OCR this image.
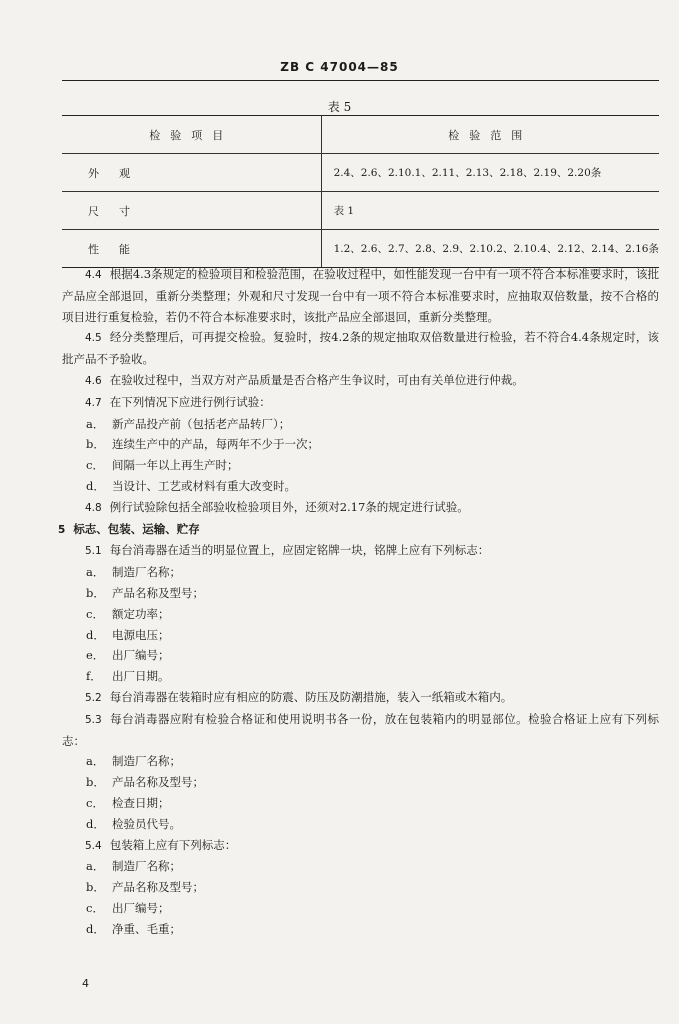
ZB C 47004—85
表 5
检验项目	检验范围
外观	2.4、2.6、2.10.1、2.11、2.13、2.18、2.19、2.20条
尺寸	表 1
性能	1.2、2.6、2.7、2.8、2.9、2.10.2、2.10.4、2.12、2.14、2.16条

4.4 根据4.3条规定的检验项目和检验范围，在验收过程中，如性能发现一台中有一项不符合本标准要求时，该批产品应全部退回，重新分类整理；外观和尺寸发现一台中有一项不符合本标准要求时，应抽取双倍数量，按不合格的项目进行重复检验，若仍不符合本标准要求时，该批产品应全部退回，重新分类整理。

4.5 经分类整理后，可再提交检验。复验时，按4.2条的规定抽取双倍数量进行检验，若不符合4.4条规定时，该批产品不予验收。

4.6 在验收过程中，当双方对产品质量是否合格产生争议时，可由有关单位进行仲裁。

4.7 在下列情况下应进行例行试验：

a． 新产品投产前（包括老产品转厂）；

b． 连续生产中的产品，每两年不少于一次；

c． 间隔一年以上再生产时；

d． 当设计、工艺或材料有重大改变时。

4.8 例行试验除包括全部验收检验项目外，还须对2.17条的规定进行试验。

5 标志、包装、运输、贮存

5.1 每台消毒器在适当的明显位置上，应固定铭牌一块，铭牌上应有下列标志：

a． 制造厂名称；

b． 产品名称及型号；

c． 额定功率；

d． 电源电压；

e． 出厂编号；

f． 出厂日期。

5.2 每台消毒器在装箱时应有相应的防震、防压及防潮措施，装入一纸箱或木箱内。

5.3 每台消毒器应附有检验合格证和使用说明书各一份，放在包装箱内的明显部位。检验合格证上应有下列标志：

a． 制造厂名称；

b． 产品名称及型号；

c． 检查日期；

d． 检验员代号。

5.4 包装箱上应有下列标志：

a． 制造厂名称；

b． 产品名称及型号；

c． 出厂编号；

d． 净重、毛重；

4
